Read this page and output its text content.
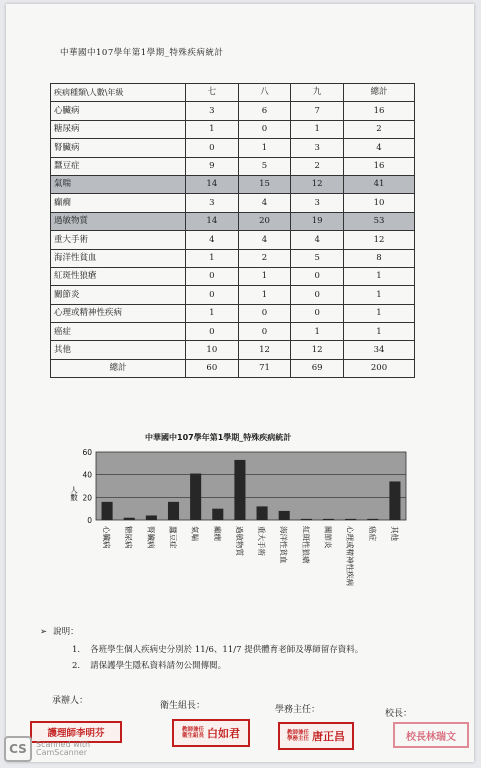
中華國中107學年第1學期_特殊疾病統計
疾病種類\人數\年級	七	八	九	總計
心臟病	3	6	7	16
糖尿病	1	0	1	2
腎臟病	0	1	3	4
蠶豆症	9	5	2	16
氣喘	14	15	12	41
癲癇	3	4	3	10
過敏物質	14	20	19	53
重大手術	4	4	4	12
海洋性貧血	1	2	5	8
紅斑性狼瘡	0	1	0	1
關節炎	0	1	0	1
心理或精神性疾病	1	0	0	1
癌症	0	0	1	1
其他	10	12	12	34
總計	60	71	69	200
中華國中107學年第1學期_特殊疾病統計
0
20
40
60
人數
心臟病 糖尿病 腎臟病 蠶豆症 氣喘 癲癇 過敏物質 重大手術 海洋性貧血 紅斑性狼瘡 關節炎 心理或精神性疾病 癌症 其他
➢ 說明：
1. 各班學生個人疾病史分別於 11/6、11/7 提供體育老師及導師留存資料。
2. 請保護學生隱私資料請勿公開傳閱。
承辦人：	衛生組長：	學務主任：	校長：
護理師李明芬	教師兼任
衛生組長 白如君	教師兼任
學務主任 唐正昌	校長林瑞文
CS	Scanned with
CamScanner
